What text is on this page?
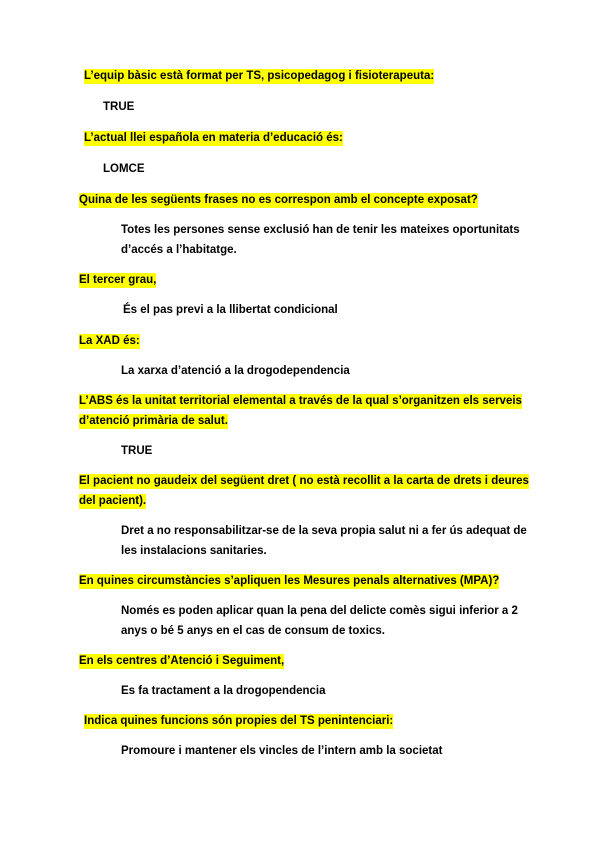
L’equip bàsic està format per TS, psicopedagog i fisioterapeuta:
TRUE
L’actual llei española en materia d’educació és:
LOMCE
Quina de les següents frases no es correspon amb el concepte exposat?
Totes les persones sense exclusió han de tenir les mateixes oportunitats
d’accés a l’habitatge.
El tercer grau,
És el pas previ a la llibertat condicional
La XAD és:
La xarxa d’atenció a la drogodependencia
L’ABS és la unitat territorial elemental a través de la qual s’organitzen els serveis
d’atenció primària de salut.
TRUE
El pacient no gaudeix del següent dret ( no està recollit a la carta de drets i deures
del pacient).
Dret a no responsabilitzar-se de la seva propia salut ni a fer ús adequat de
les instalacions sanitaries.
En quines circumstàncies s’apliquen les Mesures penals alternatives (MPA)?
Només es poden aplicar quan la pena del delicte comès sigui inferior a 2
anys o bé 5 anys en el cas de consum de toxics.
En els centres d’Atenció i Seguiment,
Es fa tractament a la drogopendencia
Indica quines funcions són propies del TS penintenciari:
Promoure i mantener els vincles de l’intern amb la societat
